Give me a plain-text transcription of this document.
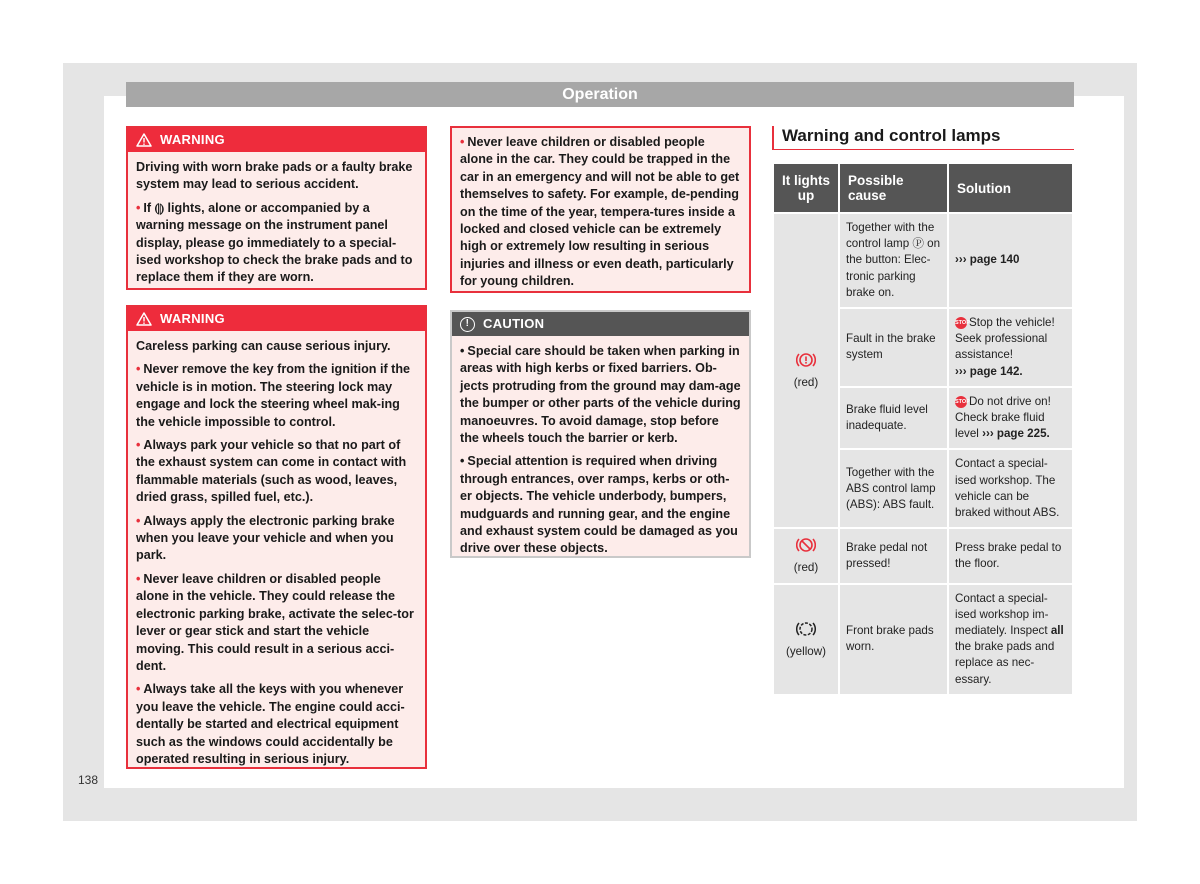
Operation
WARNING

Driving with worn brake pads or a faulty brake system may lead to serious accident.

• If ⦇⦈ lights, alone or accompanied by a warning message on the instrument panel display, please go immediately to a special-ised workshop to check the brake pads and to replace them if they are worn.

WARNING

Careless parking can cause serious injury.

• Never remove the key from the ignition if the vehicle is in motion. The steering lock may engage and lock the steering wheel mak-ing the vehicle impossible to control.

• Always park your vehicle so that no part of the exhaust system can come in contact with flammable materials (such as wood, leaves, dried grass, spilled fuel, etc.).

• Always apply the electronic parking brake when you leave your vehicle and when you park.

• Never leave children or disabled people alone in the vehicle. They could release the electronic parking brake, activate the selec-tor lever or gear stick and start the vehicle moving. This could result in a serious acci-dent.

• Always take all the keys with you whenever you leave the vehicle. The engine could acci-dentally be started and electrical equipment such as the windows could accidentally be operated resulting in serious injury.

• Never leave children or disabled people alone in the car. They could be trapped in the car in an emergency and will not be able to get themselves to safety. For example, de-pending on the time of the year, tempera-tures inside a locked and closed vehicle can be extremely high or extremely low resulting in serious injuries and illness or even death, particularly for young children.

!	CAUTION

• Special care should be taken when parking in areas with high kerbs or fixed barriers. Ob-jects protruding from the ground may dam-age the bumper or other parts of the vehicle during manoeuvres. To avoid damage, stop before the wheels touch the barrier or kerb.

• Special attention is required when driving through entrances, over ramps, kerbs or oth-er objects. The vehicle underbody, bumpers, mudguards and running gear, and the engine and exhaust system could be damaged as you drive over these objects.

Warning and control lamps
It lights up	Possible cause	Solution

(red)	Together with the control lamp Ⓟ on the button: Elec-tronic parking brake on.	››› page 140
	Fault in the brake system	STOPStop the vehicle! Seek professional assistance!
››› page 142.
	Brake fluid level inadequate.	STOPDo not drive on! Check brake fluid level ››› page 225.
	Together with the ABS control lamp (ABS): ABS fault.	Contact a special-ised workshop. The vehicle can be braked without ABS.

(red)	Brake pedal not pressed!	Press brake pedal to the floor.

(yellow)	Front brake pads worn.	Contact a special-ised workshop im-mediately. Inspect all the brake pads and replace as nec-essary.
138
